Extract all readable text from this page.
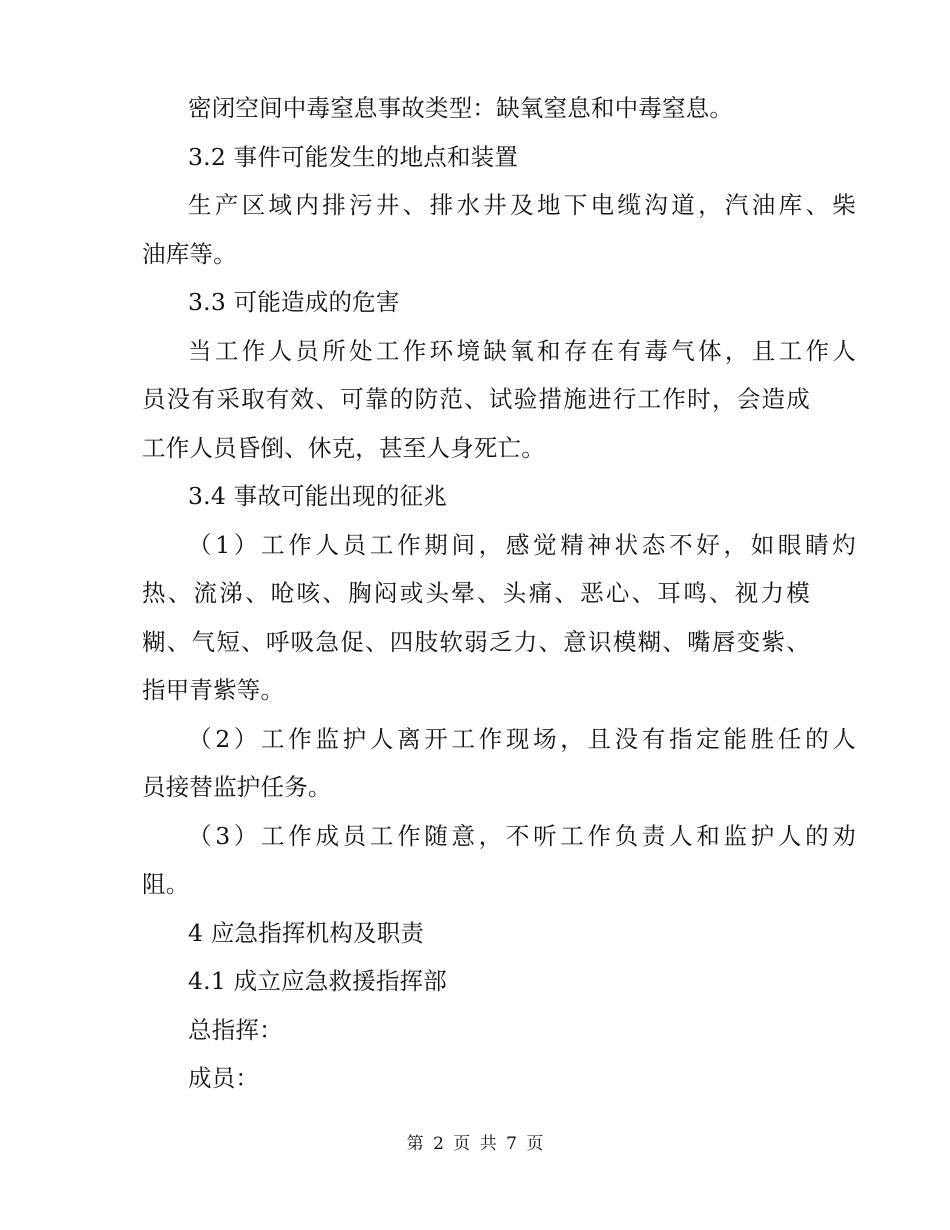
密闭空间中毒窒息事故类型：缺氧窒息和中毒窒息。
3.2 事件可能发生的地点和装置
生产区域内排污井、排水井及地下电缆沟道，汽油库、柴
油库等。
3.3 可能造成的危害
当工作人员所处工作环境缺氧和存在有毒气体，且工作人
员没有采取有效、可靠的防范、试验措施进行工作时，会造成
工作人员昏倒、休克，甚至人身死亡。
3.4 事故可能出现的征兆
（1）工作人员工作期间，感觉精神状态不好，如眼睛灼
热、流涕、呛咳、胸闷或头晕、头痛、恶心、耳鸣、视力模
糊、气短、呼吸急促、四肢软弱乏力、意识模糊、嘴唇变紫、
指甲青紫等。
（2）工作监护人离开工作现场，且没有指定能胜任的人
员接替监护任务。
（3）工作成员工作随意，不听工作负责人和监护人的劝
阻。
4 应急指挥机构及职责
4.1 成立应急救援指挥部
总指挥：
成员：
第 2 页 共 7 页
